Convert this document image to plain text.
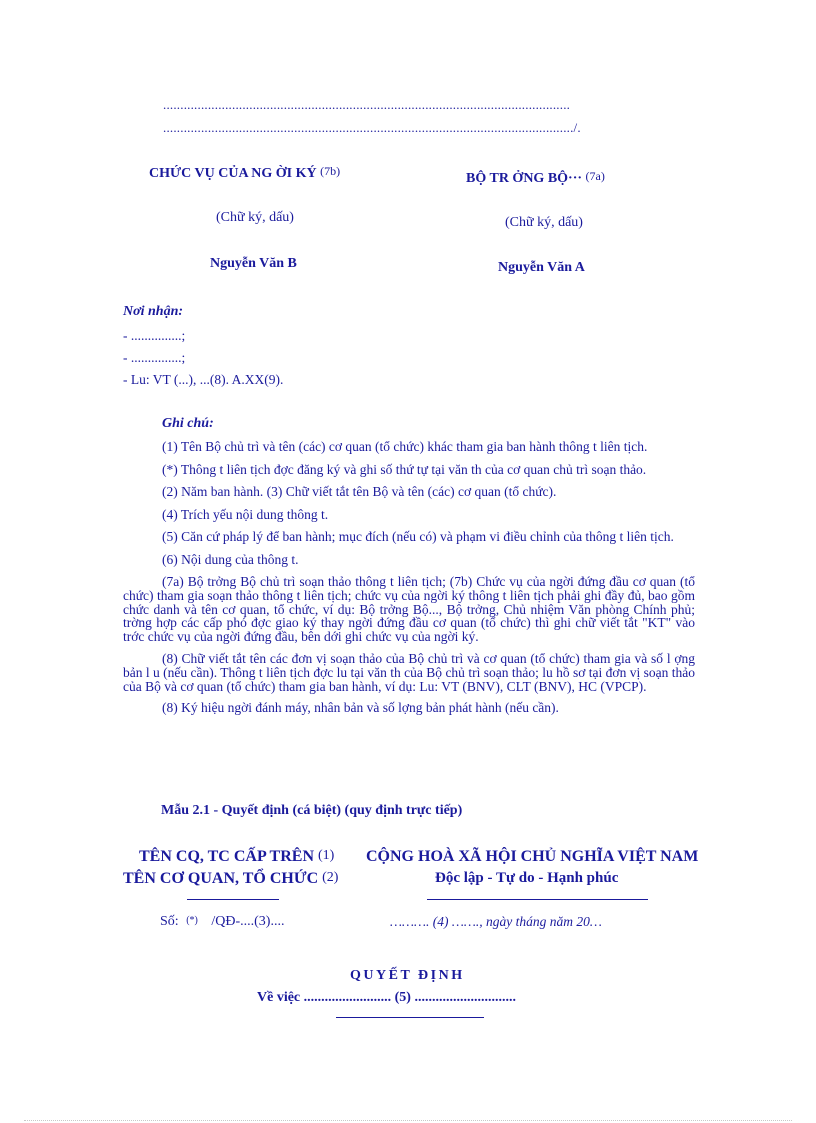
......................................................................................................................
......................................................................................................................./.
CHỨC VỤ CỦA NG ỜI KÝ (7b)	BỘ TR ỞNG BỘ··· (7a)
(Chữ ký, dấu)	(Chữ ký, dấu)
Nguyễn Văn B	Nguyễn Văn A
Nơi nhận:
- ...............;
- ...............;
- Lu: VT (...), ...(8). A.XX(9).
Ghi chú:

(1) Tên Bộ chủ trì và tên (các) cơ quan (tổ chức) khác tham gia ban hành thông t liên tịch.

(*) Thông t liên tịch đợc đăng ký và ghi số thứ tự tại văn th của cơ quan chủ trì soạn thảo.

(2) Năm ban hành. (3) Chữ viết tắt tên Bộ và tên (các) cơ quan (tổ chức).

(4) Trích yếu nội dung thông t.

(5) Căn cứ pháp lý để ban hành; mục đích (nếu có) và phạm vi điều chỉnh của thông t liên tịch.

(6) Nội dung của thông t.

(7a) Bộ trởng Bộ chủ trì soạn thảo thông t liên tịch; (7b) Chức vụ của ngời đứng đầu cơ quan (tổ chức) tham gia soạn thảo thông t liên tịch; chức vụ của ngời ký thông t liên tịch phải ghi đầy đủ, bao gồm chức danh và tên cơ quan, tổ chức, ví dụ: Bộ trởng Bộ..., Bộ trởng, Chủ nhiệm Văn phòng Chính phủ; trờng hợp các cấp phó đợc giao ký thay ngời đứng đầu cơ quan (tổ chức) thì ghi chữ viết tắt "KT" vào trớc chức vụ của ngời đứng đầu, bên dới ghi chức vụ của ngời ký.

(8) Chữ viết tắt tên các đơn vị soạn thảo của Bộ chủ trì và cơ quan (tổ chức) tham gia và số l ợng bản l u (nếu cần). Thông t liên tịch đợc lu tại văn th của Bộ chủ trì soạn thảo; lu hồ sơ tại đơn vị soạn thảo của Bộ và cơ quan (tổ chức) tham gia ban hành, ví dụ: Lu: VT (BNV), CLT (BNV), HC (VPCP).

(8) Ký hiệu ngời đánh máy, nhân bản và số lợng bản phát hành (nếu cần).

Mẫu 2.1 - Quyết định (cá biệt) (quy định trực tiếp)
TÊN CQ, TC CẤP TRÊN (1)
TÊN CƠ QUAN, TỔ CHỨC (2)
CỘNG HOÀ XÃ HỘI CHỦ NGHĨA VIỆT NAM
Độc lập - Tự do - Hạnh phúc
Số: (*) /QĐ-....(3)....	………. (4) ……., ngày tháng năm 20…
QUYẾT ĐỊNH
Về việc ......................... (5) .............................
